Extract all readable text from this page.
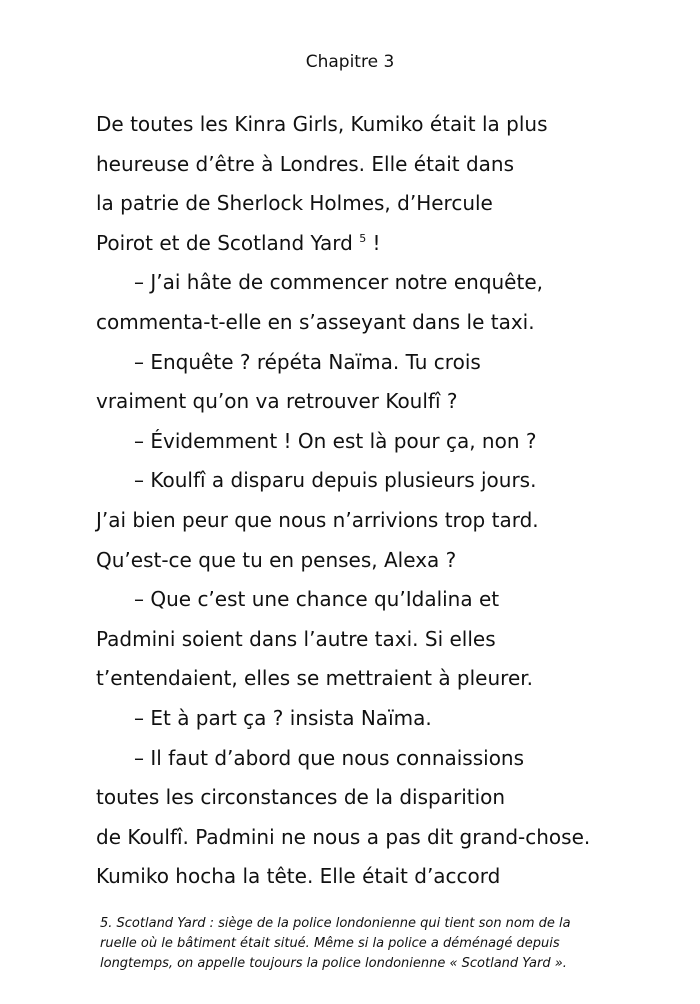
Chapitre 3
De toutes les Kinra Girls, Kumiko était la plus
heureuse d’être à Londres. Elle était dans
la patrie de Sherlock Holmes, d’Hercule
Poirot et de Scotland Yard $^5$ !
– J’ai hâte de commencer notre enquête,
commenta-t-elle en s’asseyant dans le taxi.
– Enquête ? répéta Naïma. Tu crois
vraiment qu’on va retrouver Koulfî ?
– Évidemment ! On est là pour ça, non ?
– Koulfî a disparu depuis plusieurs jours.
J’ai bien peur que nous n’arrivions trop tard.
Qu’est-ce que tu en penses, Alexa ?
– Que c’est une chance qu’Idalina et
Padmini soient dans l’autre taxi. Si elles
t’entendaient, elles se mettraient à pleurer.
– Et à part ça ? insista Naïma.
– Il faut d’abord que nous connaissions
toutes les circonstances de la disparition
de Koulfî. Padmini ne nous a pas dit grand-chose.
Kumiko hocha la tête. Elle était d’accord
5. Scotland Yard : siège de la police londonienne qui tient son nom de la
ruelle où le bâtiment était situé. Même si la police a déménagé depuis
longtemps, on appelle toujours la police londonienne « Scotland Yard ».
